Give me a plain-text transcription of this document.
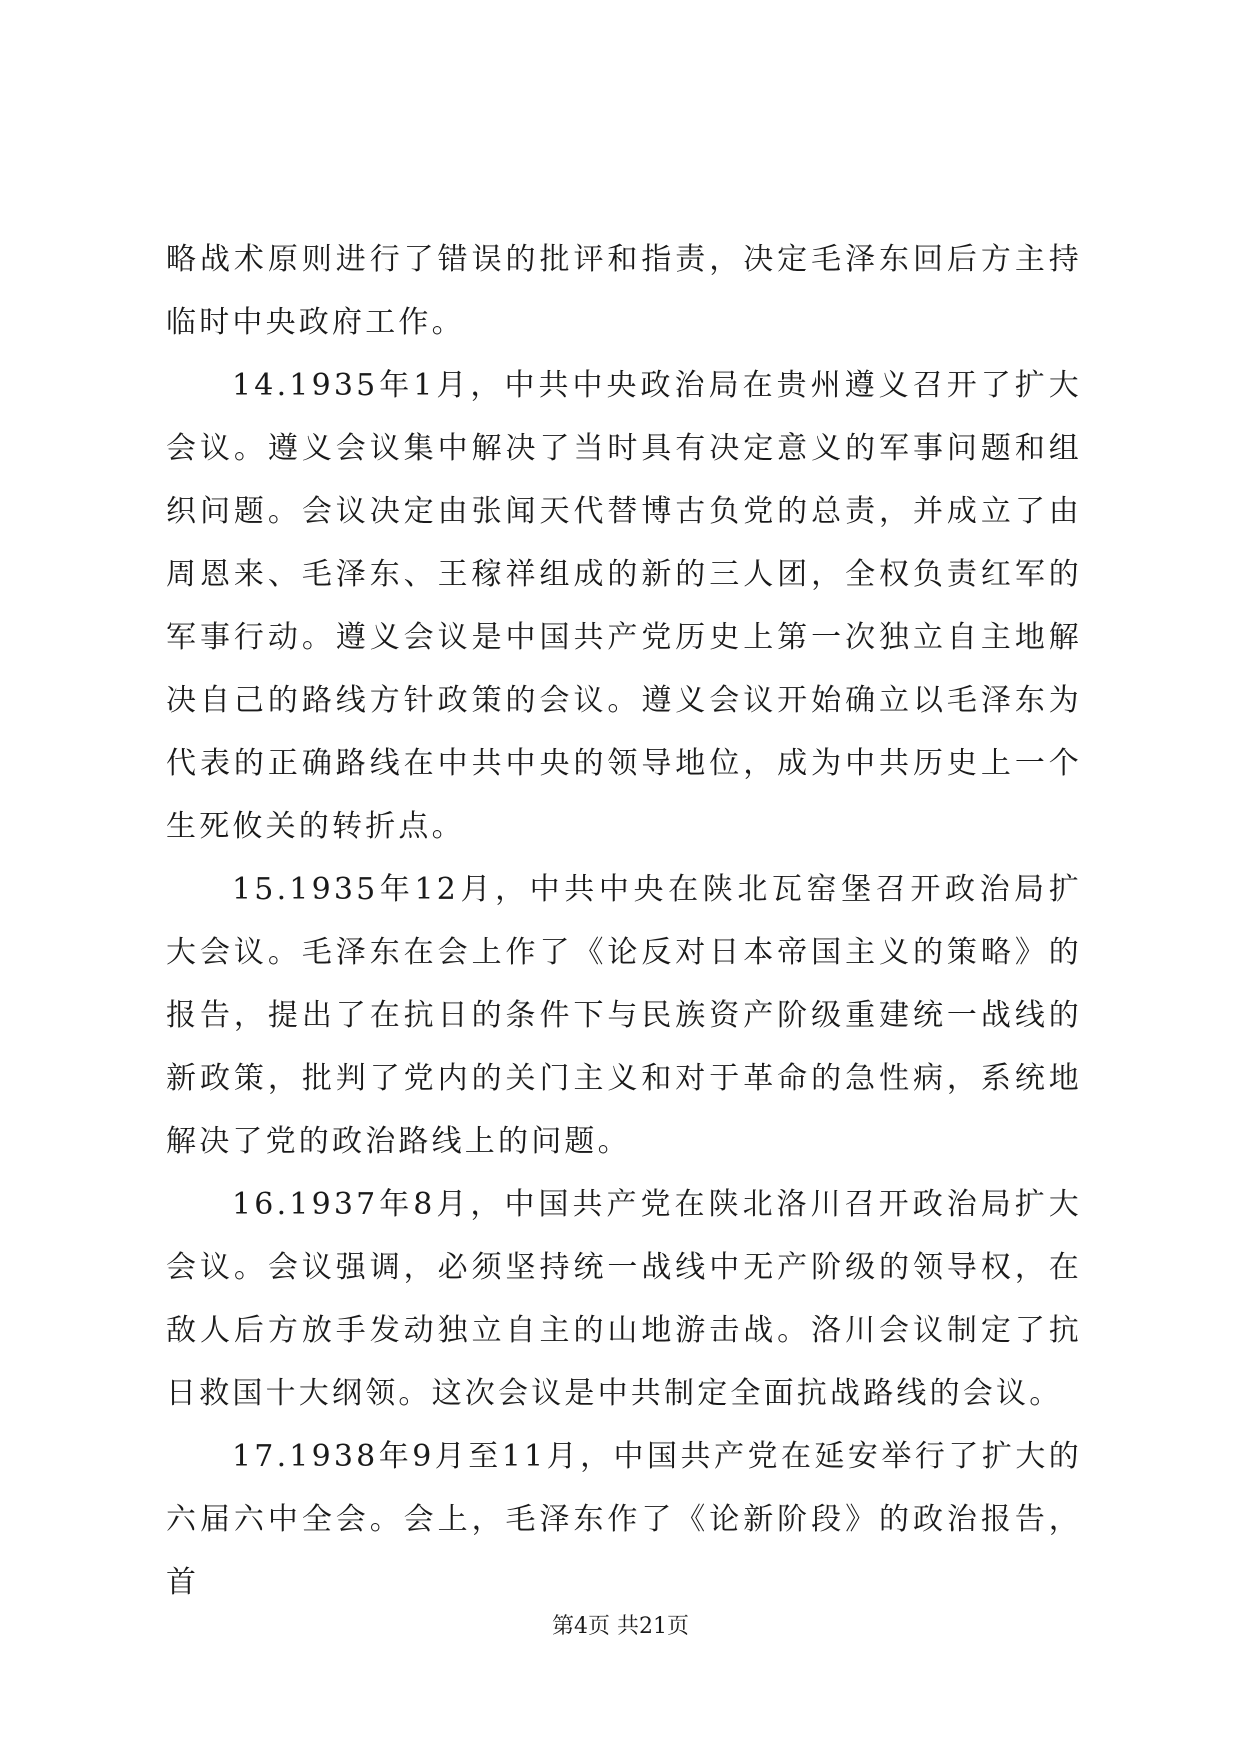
略战术原则进行了错误的批评和指责，决定毛泽东回后方主持临时中央政府工作。

14.1935年1月，中共中央政治局在贵州遵义召开了扩大会议。遵义会议集中解决了当时具有决定意义的军事问题和组织问题。会议决定由张闻天代替博古负党的总责，并成立了由周恩来、毛泽东、王稼祥组成的新的三人团，全权负责红军的军事行动。遵义会议是中国共产党历史上第一次独立自主地解决自己的路线方针政策的会议。遵义会议开始确立以毛泽东为代表的正确路线在中共中央的领导地位，成为中共历史上一个生死攸关的转折点。

15.1935年12月，中共中央在陕北瓦窑堡召开政治局扩大会议。毛泽东在会上作了《论反对日本帝国主义的策略》的报告，提出了在抗日的条件下与民族资产阶级重建统一战线的新政策，批判了党内的关门主义和对于革命的急性病，系统地解决了党的政治路线上的问题。

16.1937年8月，中国共产党在陕北洛川召开政治局扩大会议。会议强调，必须坚持统一战线中无产阶级的领导权，在敌人后方放手发动独立自主的山地游击战。洛川会议制定了抗日救国十大纲领。这次会议是中共制定全面抗战路线的会议。

17.1938年9月至11月，中国共产党在延安举行了扩大的六届六中全会。会上，毛泽东作了《论新阶段》的政治报告，首

第4页 共21页
